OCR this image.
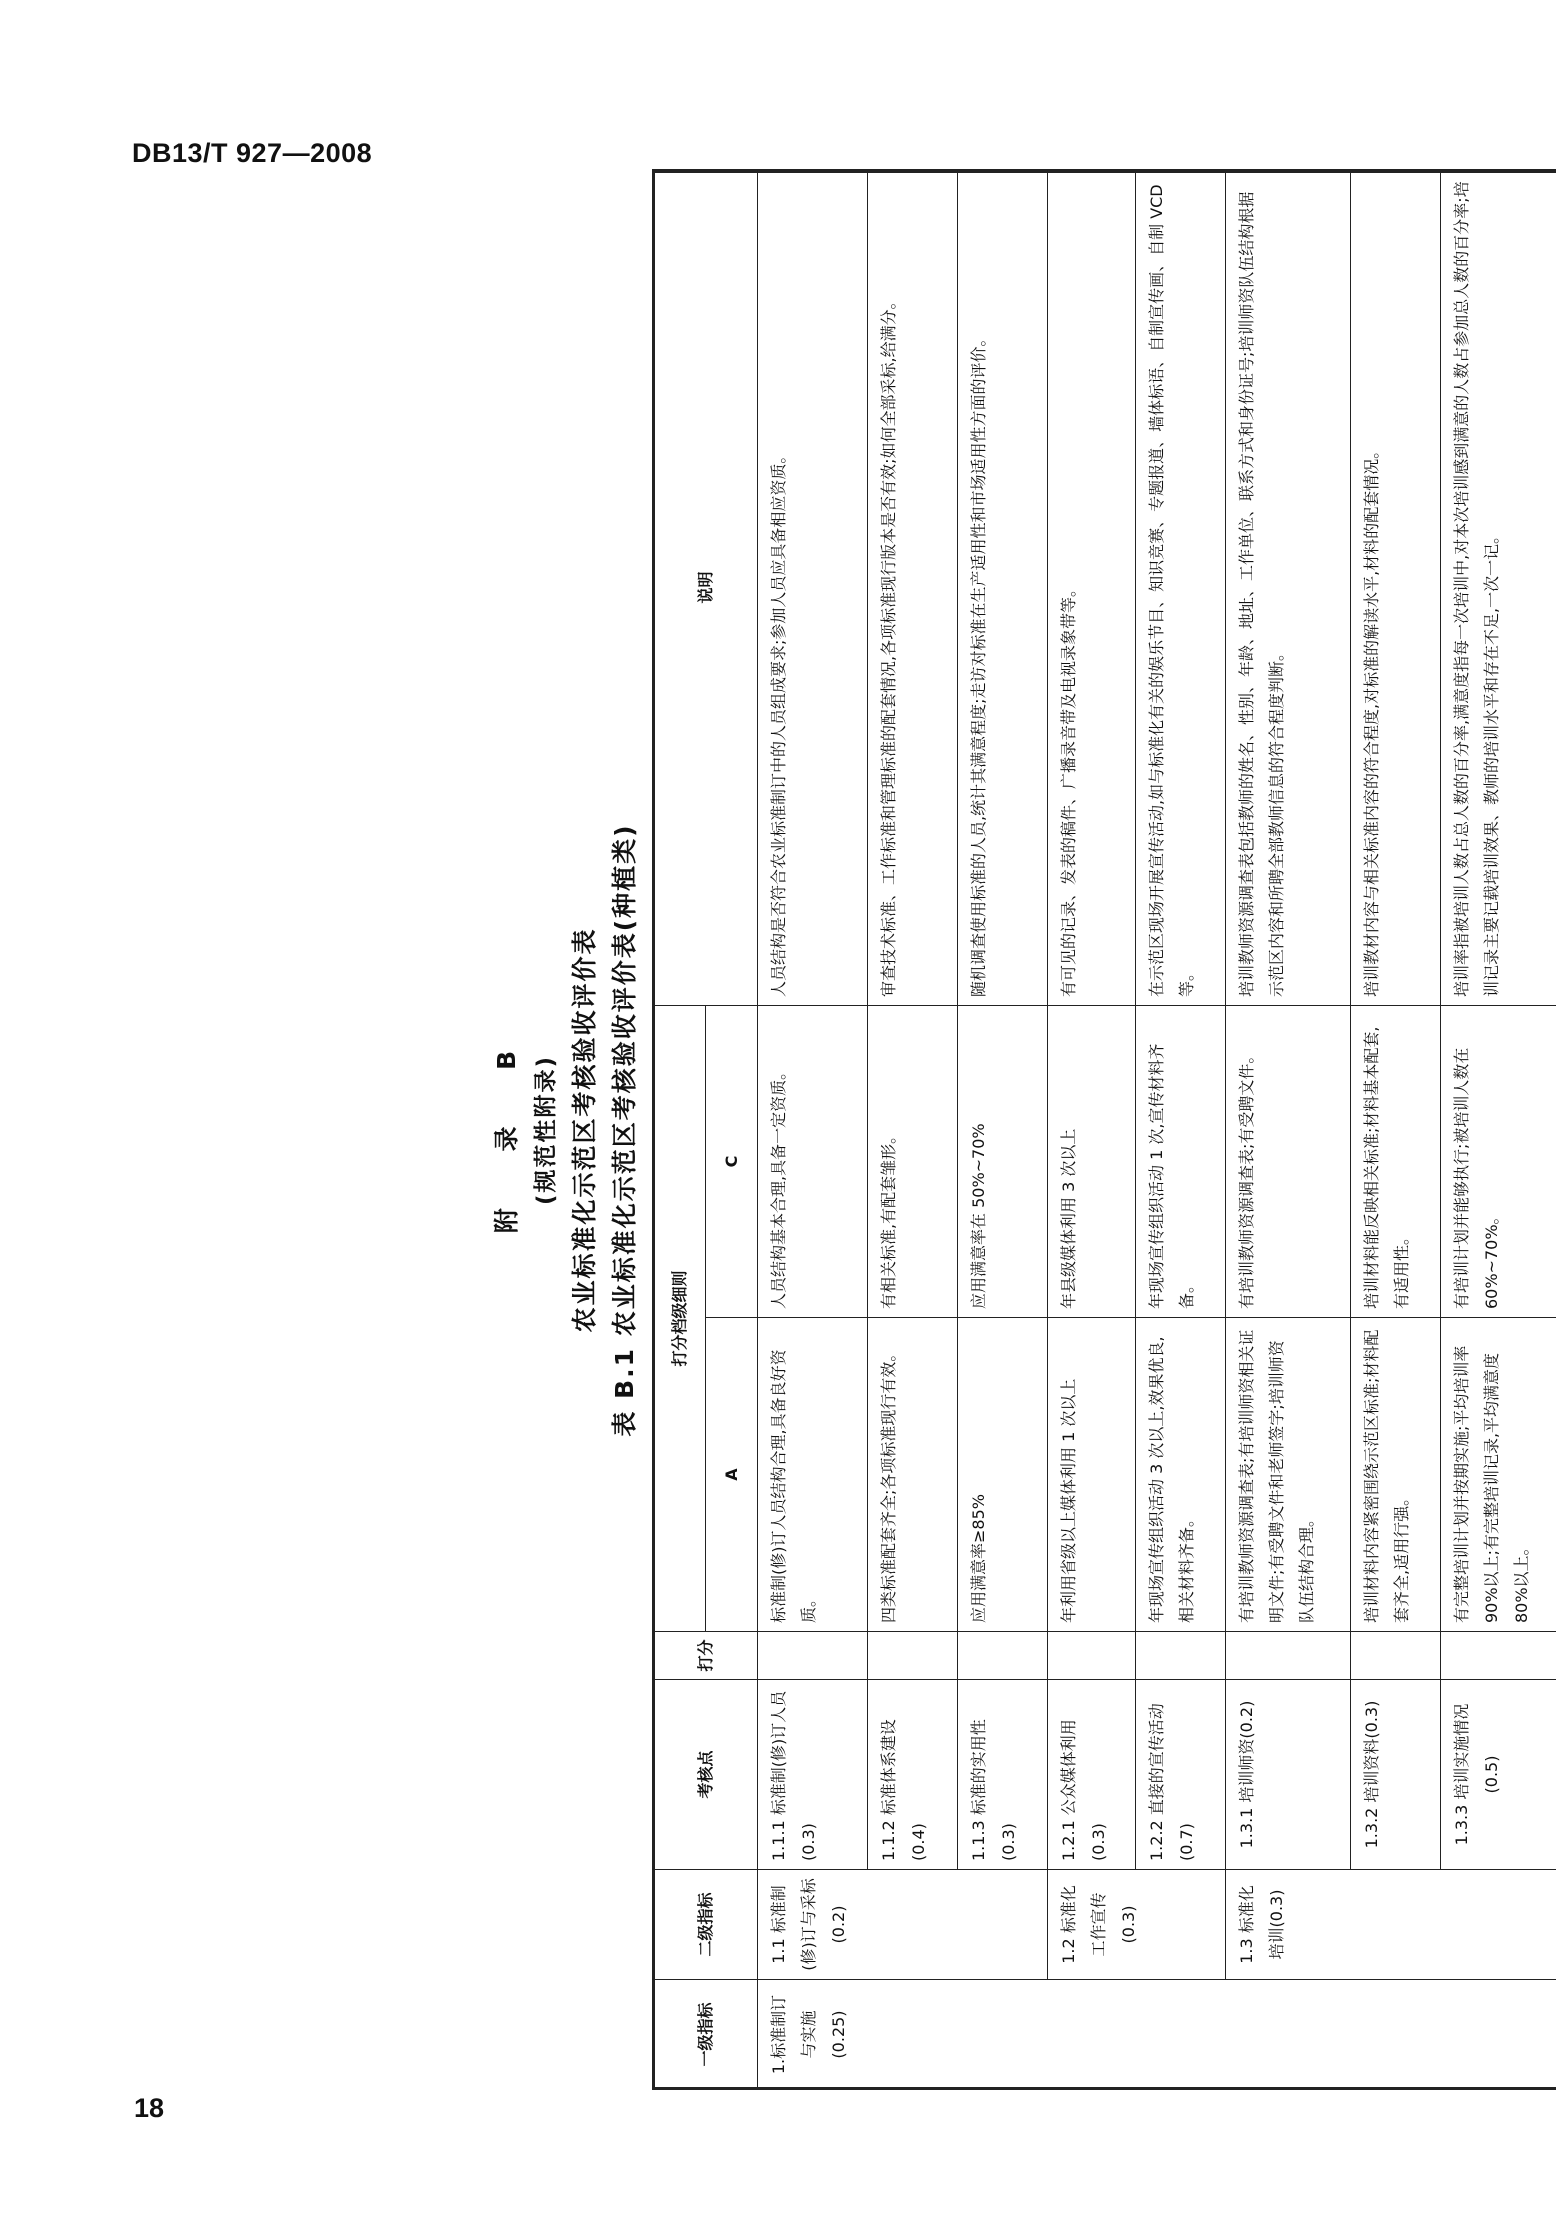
DB13/T 927—2008
附 录 B (规范性附录) 农业标准化示范区考核验收评价表 表 B.1 农业标准化示范区考核验收评价表(种植类)
一级指标	二级指标	考核点	打分	打分档级细则		说明
				A	C	
1.标准制订与实施(0.25)	1.1 标准制(修)订与采标(0.2)	1.1.1 标准制(修)订人员(0.3)		标准制(修)订人员结构合理,具备良好资质。	人员结构基本合理,具备一定资质。	人员结构是否符合农业标准制订中的人员组成要求;参加人员应具备相应资质。
		1.1.2 标准体系建设(0.4)		四类标准配套齐全;各项标准现行有效。	有相关标准,有配套雏形。	审查技术标准、工作标准和管理标准的配套情况,各项标准现行版本是否有效;如何全部采标,给满分。
		1.1.3 标准的实用性(0.3)		应用满意率≥85%	应用满意率在 50%~70%	随机调查使用标准的人员,统计其满意程度;走访对标准在生产适用性和市场适用性方面的评价。
	1.2 标准化工作宣传(0.3)	1.2.1 公众媒体利用(0.3)		年利用省级以上媒体利用 1 次以上	年县级媒体利用 3 次以上	有可见的记录、发表的稿件、广播录音带及电视录象带等。
		1.2.2 直接的宣传活动(0.7)		年现场宣传组织活动 3 次以上,效果优良,相关材料齐备。	年现场宣传组织活动 1 次,宣传材料齐备。	在示范区现场开展宣传活动,如与标准化有关的娱乐节目、知识竞赛、专题报道、墙体标语、自制宣传画、自制 VCD 等。
	1.3 标准化培训(0.3)	1.3.1 培训师资(0.2)		有培训教师资源调查表;有培训师资相关证明文件;有受聘文件和老师签字;培训师资队伍结构合理。	有培训教师资源调查表;有受聘文件。	培训教师资源调查表包括教师的姓名、性别、年龄、地址、工作单位、联系方式和身份证号;培训师资队伍结构根据示范区内容和所聘全部教师信息的符合程度判断。
		1.3.2 培训资料(0.3)		培训材料内容紧密围绕示范区标准;材料配套齐全,适用行强。	培训材料能反映相关标准;材料基本配套,有适用性。	培训教材内容与相关标准内容的符合程度,对标准的解读水平,材料的配套情况。
		1.3.3 培训实施情况(0.5)		有完整培训计划并按期实施;平均培训率 90%以上;有完整培训记录,平均满意度 80%以上。	有培训计划并能够执行;被培训人数在 60%~70%。	培训率指被培训人数占总人数的百分率,满意度指每一次培训中,对本次培训感到满意的人数占参加总人数的百分率;培训记录主要记载培训效果、教师的培训水平和存在不足,一次一记。
18
